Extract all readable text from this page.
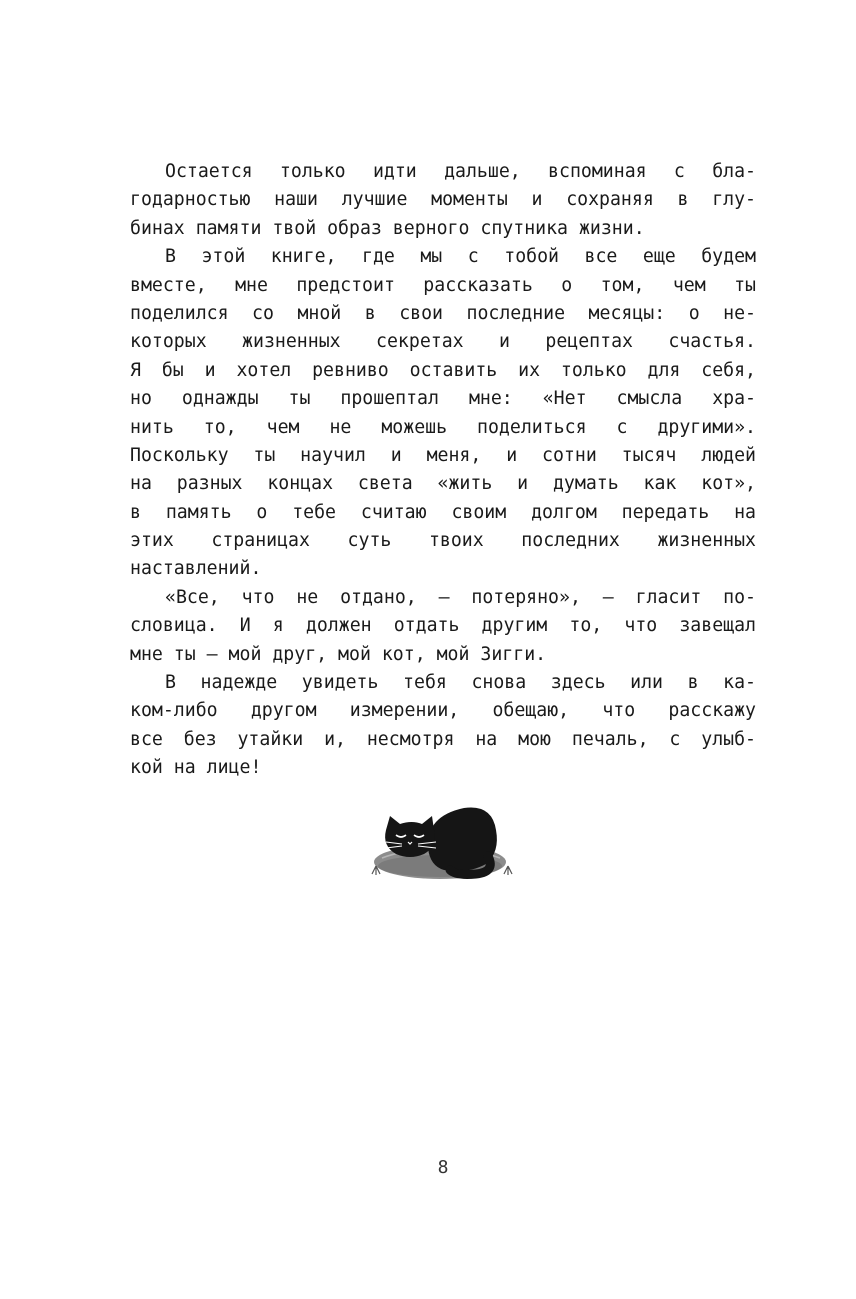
Остается только идти дальше, вспоминая с бла-
годарностью наши лучшие моменты и сохраняя в глу-
бинах памяти твой образ верного спутника жизни.
В этой книге, где мы с тобой все еще будем
вместе, мне предстоит рассказать о том, чем ты
поделился со мной в свои последние месяцы: о не-
которых жизненных секретах и рецептах счастья.
Я бы и хотел ревниво оставить их только для себя,
но однажды ты прошептал мне: «Нет смысла хра-
нить то, чем не можешь поделиться с другими».
Поскольку ты научил и меня, и сотни тысяч людей
на разных концах света «жить и думать как кот»,
в память о тебе считаю своим долгом передать на
этих страницах суть твоих последних жизненных
наставлений.
«Все, что не отдано, — потеряно», — гласит по-
словица. И я должен отдать другим то, что завещал
мне ты — мой друг, мой кот, мой Зигги.
В надежде увидеть тебя снова здесь или в ка-
ком-либо другом измерении, обещаю, что расскажу
все без утайки и, несмотря на мою печаль, с улыб-
кой на лице!
8
